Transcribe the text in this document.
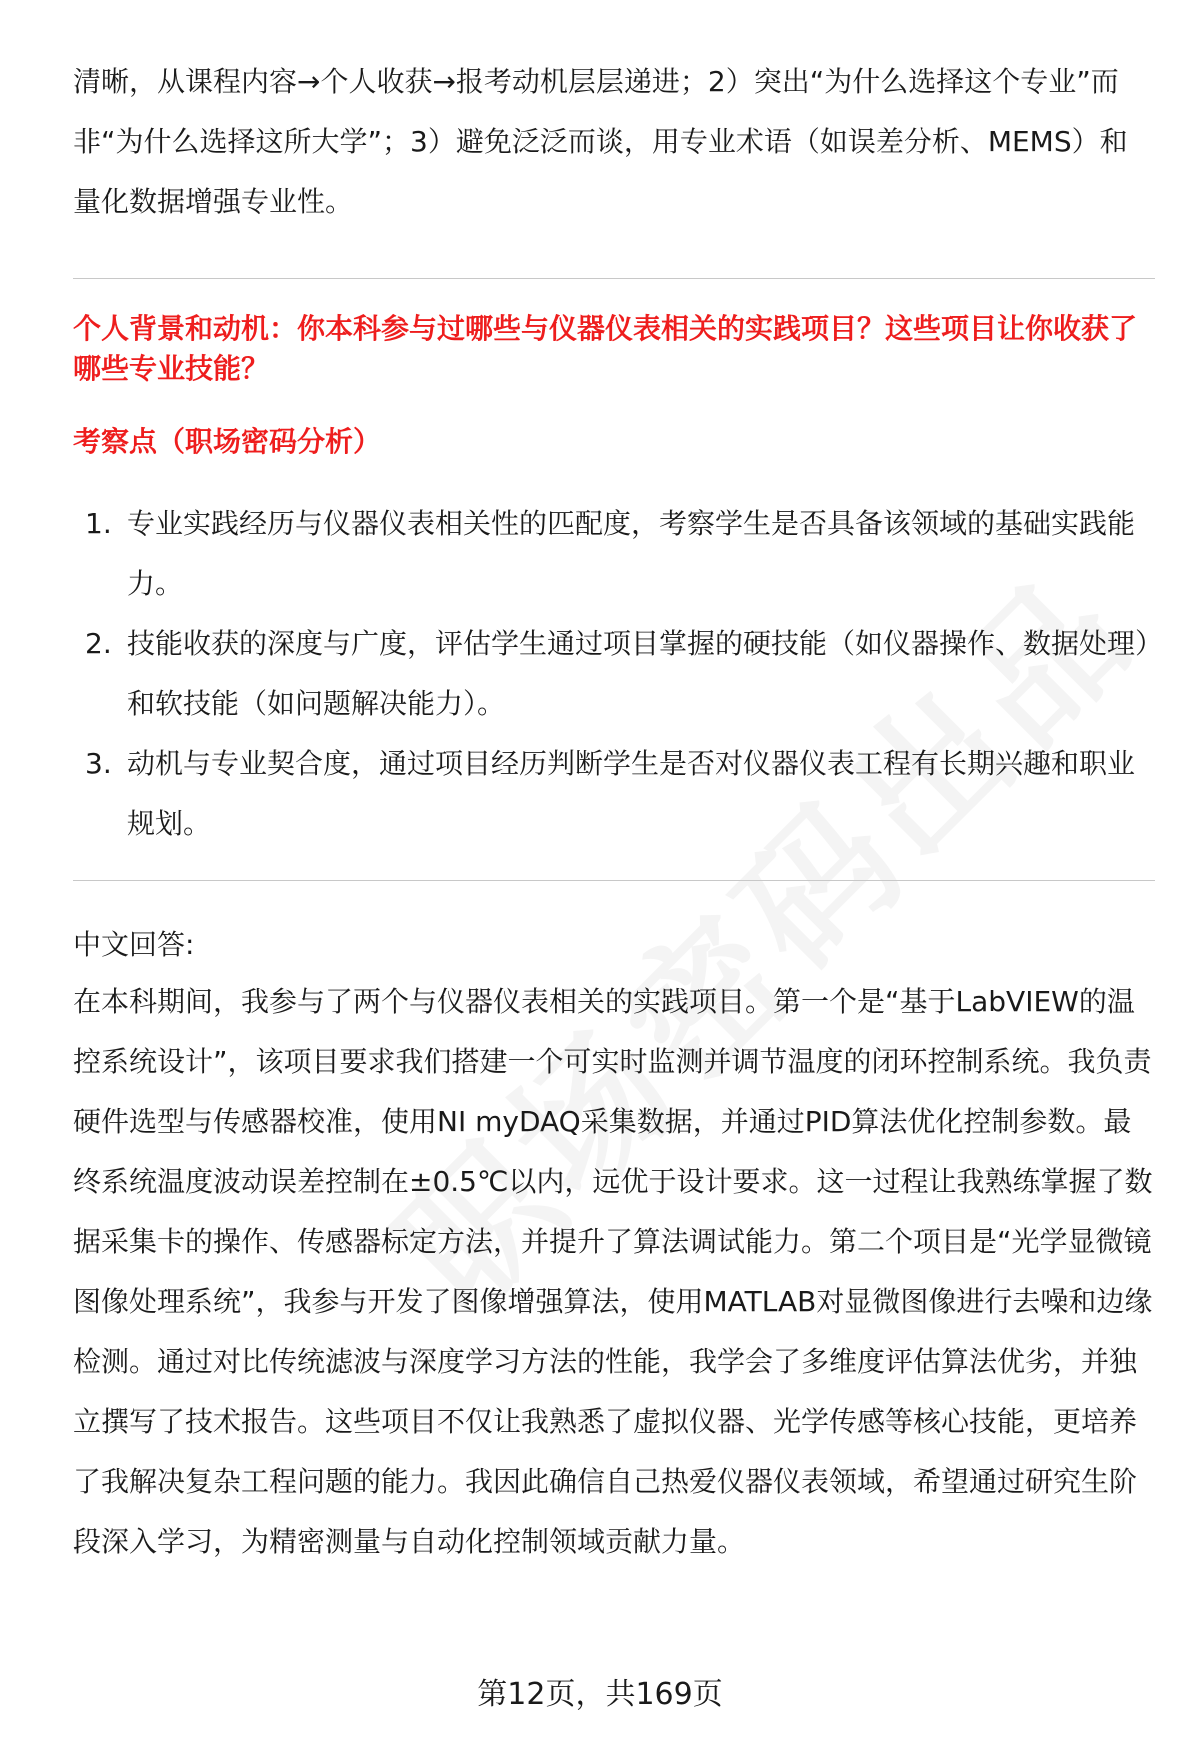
清晰，从课程内容→个人收获→报考动机层层递进；2）突出“为什么选择这个专业”而非“为什么选择这所大学”；3）避免泛泛而谈，用专业术语（如误差分析、MEMS）和量化数据增强专业性。
个人背景和动机：你本科参与过哪些与仪器仪表相关的实践项目？这些项目让你收获了哪些专业技能？
考察点（职场密码分析）
1. 专业实践经历与仪器仪表相关性的匹配度，考察学生是否具备该领域的基础实践能力。
2. 技能收获的深度与广度，评估学生通过项目掌握的硬技能（如仪器操作、数据处理）和软技能（如问题解决能力）。
3. 动机与专业契合度，通过项目经历判断学生是否对仪器仪表工程有长期兴趣和职业规划。
中文回答:
在本科期间，我参与了两个与仪器仪表相关的实践项目。第一个是“基于LabVIEW的温控系统设计”，该项目要求我们搭建一个可实时监测并调节温度的闭环控制系统。我负责硬件选型与传感器校准，使用NI myDAQ采集数据，并通过PID算法优化控制参数。最终系统温度波动误差控制在±0.5℃以内，远优于设计要求。这一过程让我熟练掌握了数据采集卡的操作、传感器标定方法，并提升了算法调试能力。第二个项目是“光学显微镜图像处理系统”，我参与开发了图像增强算法，使用MATLAB对显微图像进行去噪和边缘检测。通过对比传统滤波与深度学习方法的性能，我学会了多维度评估算法优劣，并独立撰写了技术报告。这些项目不仅让我熟悉了虚拟仪器、光学传感等核心技能，更培养了我解决复杂工程问题的能力。我因此确信自己热爱仪器仪表领域，希望通过研究生阶段深入学习，为精密测量与自动化控制领域贡献力量。
第12页，共169页
